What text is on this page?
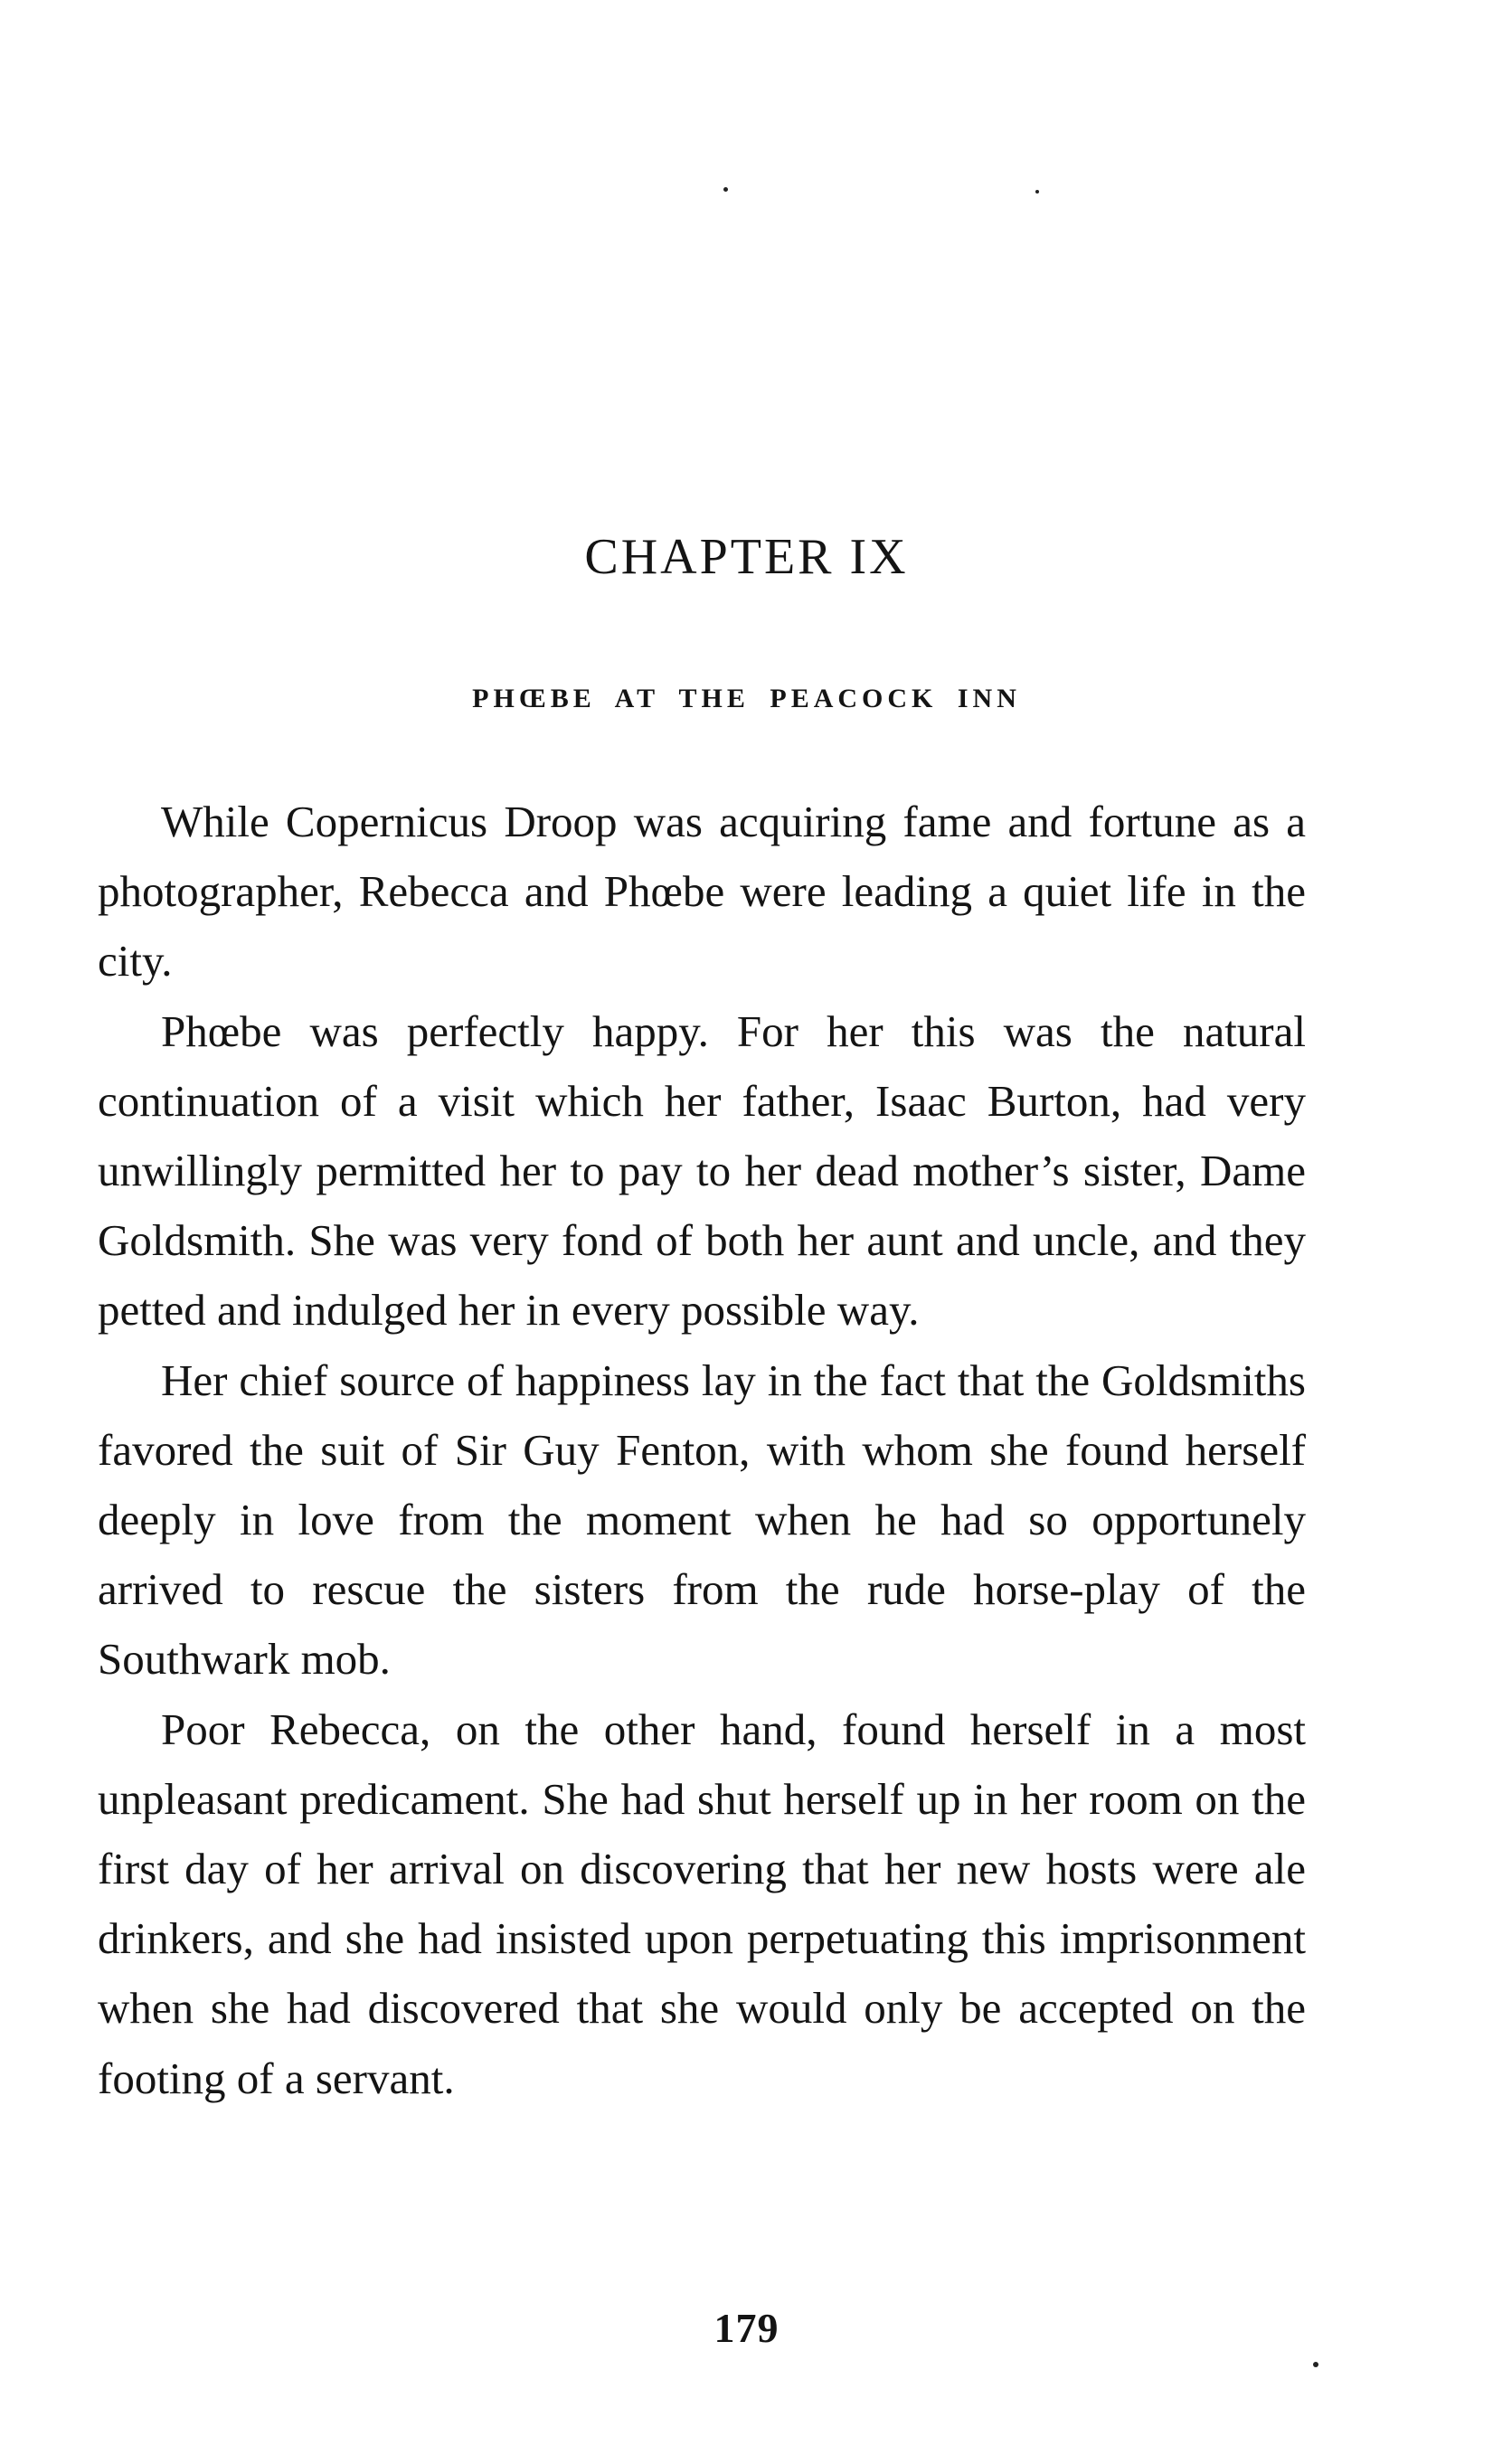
CHAPTER IX
PHŒBE AT THE PEACOCK INN

While Copernicus Droop was acquiring fame and fortune as a photographer, Rebecca and Phœbe were leading a quiet life in the city.

Phœbe was perfectly happy. For her this was the natural continuation of a visit which her father, Isaac Burton, had very unwillingly permitted her to pay to her dead mother’s sister, Dame Goldsmith. She was very fond of both her aunt and uncle, and they petted and indulged her in every possible way.

Her chief source of happiness lay in the fact that the Goldsmiths favored the suit of Sir Guy Fenton, with whom she found herself deeply in love from the moment when he had so opportunely arrived to rescue the sisters from the rude horse-play of the Southwark mob.

Poor Rebecca, on the other hand, found herself in a most unpleasant predicament. She had shut herself up in her room on the first day of her arrival on discovering that her new hosts were ale drinkers, and she had insisted upon perpetuating this imprisonment when she had discovered that she would only be accepted on the footing of a servant.

179
